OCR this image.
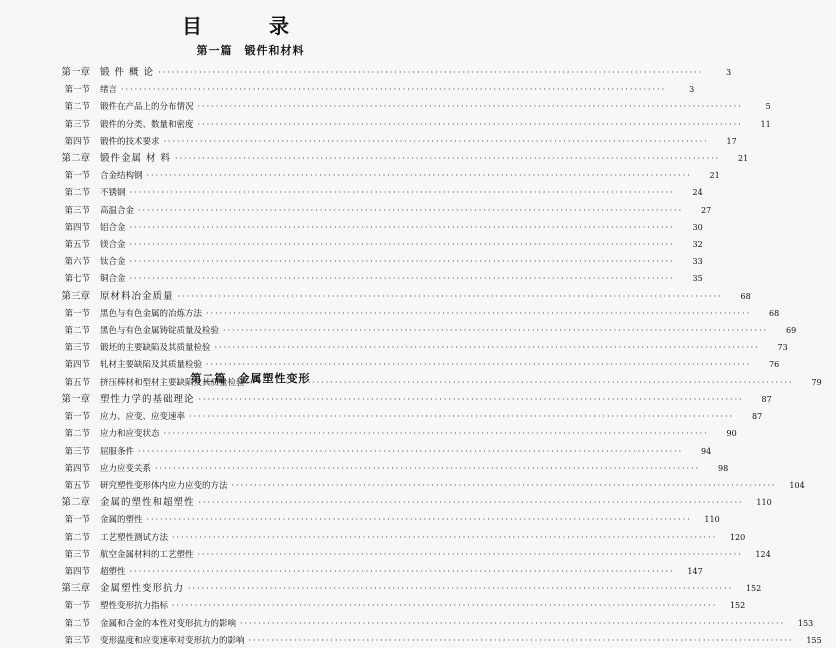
目 录
第一篇　锻件和材料
第一章	锻 件 概 论 ························································································································	3
第一节	绪言 ························································································································	3
第二节	锻件在产品上的分布情况 ························································································································	5
第三节	锻件的分类、数量和密度 ························································································································	11
第四节	锻件的技术要求 ························································································································	17
第二章	锻件金属 材 料 ························································································································	21
第一节	合金结构钢 ························································································································	21
第二节	不锈钢 ························································································································	24
第三节	高温合金 ························································································································	27
第四节	铝合金 ························································································································	30
第五节	镁合金 ························································································································	32
第六节	钛合金 ························································································································	33
第七节	铜合金 ························································································································	35
第三章	原材料冶金质量 ························································································································	68
第一节	黑色与有色金属的冶炼方法 ························································································································	68
第二节	黑色与有色金属铸锭质量及检验 ························································································································	69
第三节	锻坯的主要缺陷及其质量检验 ························································································································	73
第四节	轧材主要缺陷及其质量检验 ························································································································	76
第五节	挤压棒材和型材主要缺陷及其质量检验 ························································································································	79
第二篇　金属塑性变形
第一章	塑性力学的基础理论 ························································································································	87
第一节	应力、应变、应变速率 ························································································································	87
第二节	应力和应变状态 ························································································································	90
第三节	屈服条件 ························································································································	94
第四节	应力应变关系 ························································································································	98
第五节	研究塑性变形体内应力应变的方法 ························································································································	104
第二章	金属的塑性和超塑性 ························································································································	110
第一节	金属的塑性 ························································································································	110
第二节	工艺塑性测试方法 ························································································································	120
第三节	航空金属材料的工艺塑性 ························································································································	124
第四节	超塑性 ························································································································	147
第三章	金属塑性变形抗力 ························································································································	152
第一节	塑性变形抗力指标 ························································································································	152
第二节	金属和合金的本性对变形抗力的影响 ························································································································	153
第三节	变形温度和应变速率对变形抗力的影响 ························································································································	155
